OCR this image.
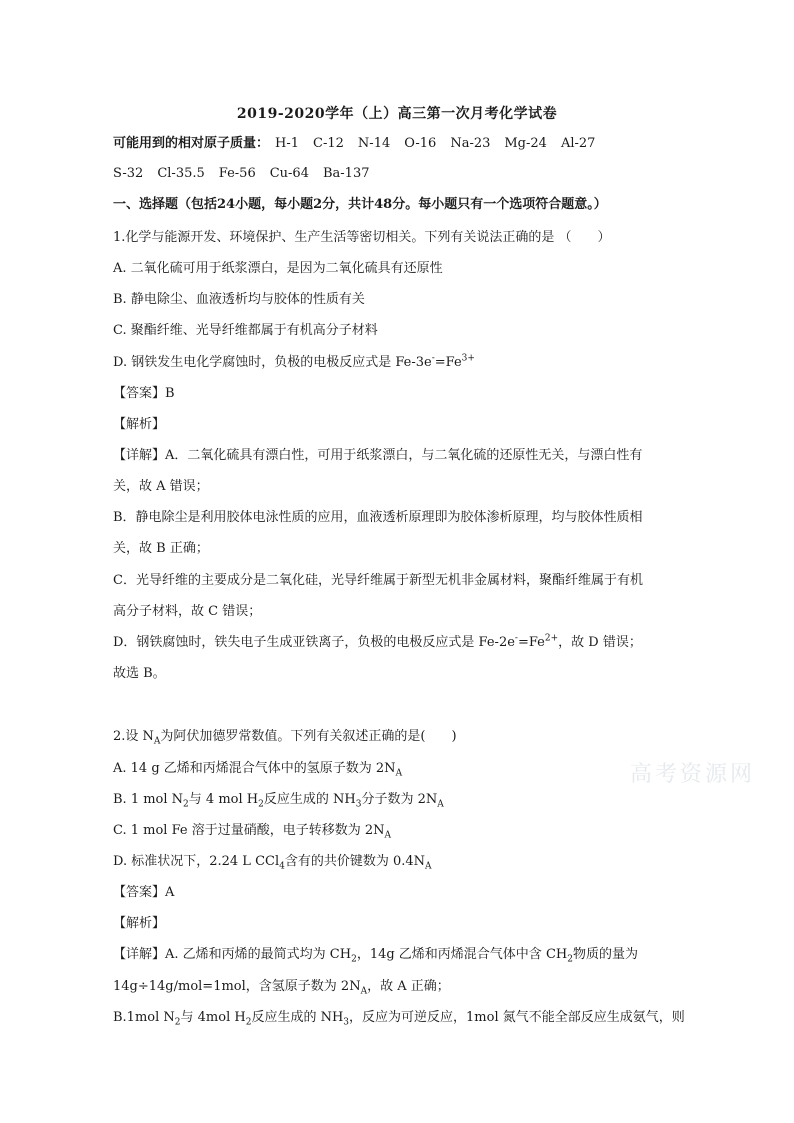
2019-2020学年（上）高三第一次月考化学试卷
可能用到的相对原子质量： H-1 C-12 N-14 O-16 Na-23 Mg-24 Al-27
S-32 Cl-35.5 Fe-56 Cu-64 Ba-137
一、选择题（包括24小题，每小题2分，共计48分。每小题只有一个选项符合题意。）
1.化学与能源开发、环境保护、生产生活等密切相关。下列有关说法正确的是 （　　）
A. 二氧化硫可用于纸浆漂白，是因为二氧化硫具有还原性
B. 静电除尘、血液透析均与胶体的性质有关
C. 聚酯纤维、光导纤维都属于有机高分子材料
D. 钢铁发生电化学腐蚀时，负极的电极反应式是 $Fe-3e^-=Fe^{3+}$
【答案】B
【解析】
【详解】A．二氧化硫具有漂白性，可用于纸浆漂白，与二氧化硫的还原性无关，与漂白性有
关，故 A 错误；
B．静电除尘是利用胶体电泳性质的应用，血液透析原理即为胶体渗析原理，均与胶体性质相
关，故 B 正确；
C．光导纤维的主要成分是二氧化硅，光导纤维属于新型无机非金属材料，聚酯纤维属于有机
高分子材料，故 C 错误；
D．钢铁腐蚀时，铁失电子生成亚铁离子，负极的电极反应式是 $Fe-2e^-=Fe^{2+}$，故 D 错误；
故选 B。
2.设 $N_A$为阿伏加德罗常数值。下列有关叙述正确的是(　　)
A. 14 g 乙烯和丙烯混合气体中的氢原子数为 $2N_A$
B. 1 mol $N_2$与 4 mol $H_2$反应生成的 $NH_3$分子数为 $2N_A$
C. 1 mol Fe 溶于过量硝酸，电子转移数为 $2N_A$
D. 标准状况下，2.24 L CCl$_4$含有的共价键数为 $0.4N_A$
【答案】A
【解析】
【详解】A. 乙烯和丙烯的最简式均为 $CH_2$，14g 乙烯和丙烯混合气体中含 $CH_2$物质的量为
14g÷14g/mol=1mol，含氢原子数为 $2N_A$，故 A 正确；
B.1mol $N_2$与 4mol $H_2$反应生成的 $NH_3$，反应为可逆反应，1mol 氮气不能全部反应生成氨气，则
高考资源网
